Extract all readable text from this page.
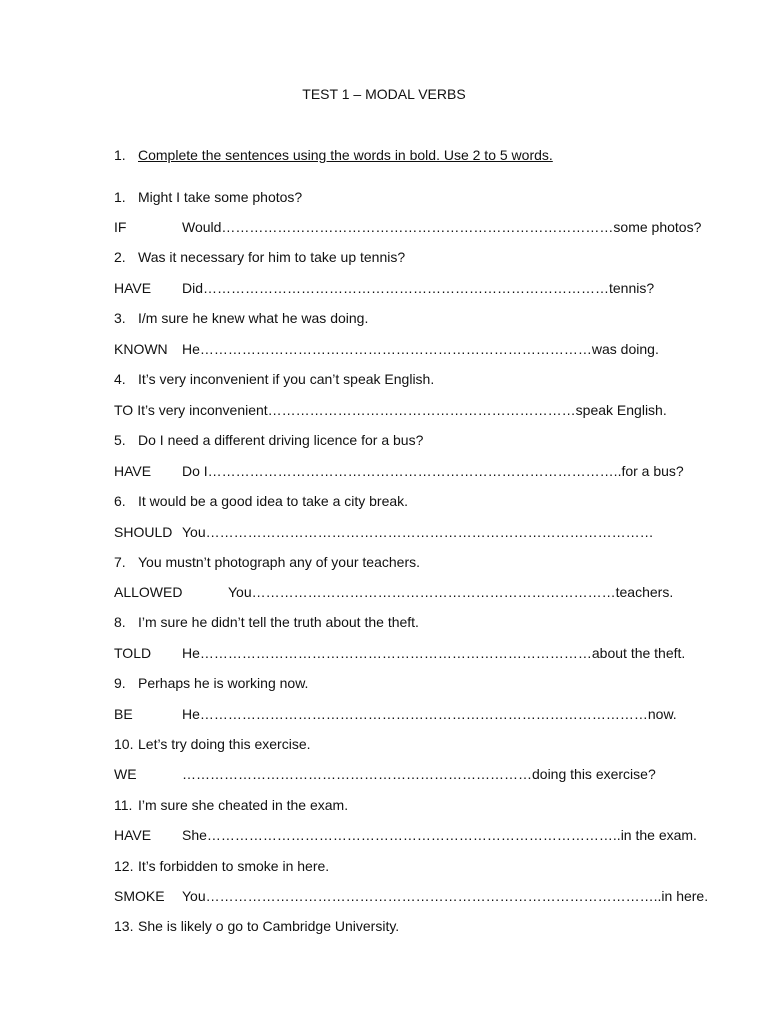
TEST 1 – MODAL VERBS
1. Complete the sentences using the words in bold. Use 2 to 5 words.
1. Might I take some photos?
IF	Would…………………………………………………………………………some photos?
2. Was it necessary for him to take up tennis?
HAVE Did……………………………………………………………………………tennis?
3. I/m sure he knew what he was doing.
KNOWN He…………………………………………………………………………was doing.
4. It’s very inconvenient if you can’t speak English.
TO It’s very inconvenient…………………………………………………………speak English.
5. Do I need a different driving licence for a bus?
HAVE Do I……………………………………………………………………………..for a bus?
6. It would be a good idea to take a city break.
SHOULD You……………………………………………………………………………………
7. You mustn’t photograph any of your teachers.
ALLOWED	You……………………………………………………………………teachers.
8. I’m sure he didn’t tell the truth about the theft.
TOLD He…………………………………………………………………………about the theft.
9. Perhaps he is working now.
BE	He……………………………………………………………………………………now.
10. Let’s try doing this exercise.
WE	…………………………………………………………………doing this exercise?
11. I’m sure she cheated in the exam.
HAVE She……………………………………………………………………………..in the exam.
12. It’s forbidden to smoke in here.
SMOKE You……………………………………………………………………………………..in here.
13. She is likely o go to Cambridge University.
